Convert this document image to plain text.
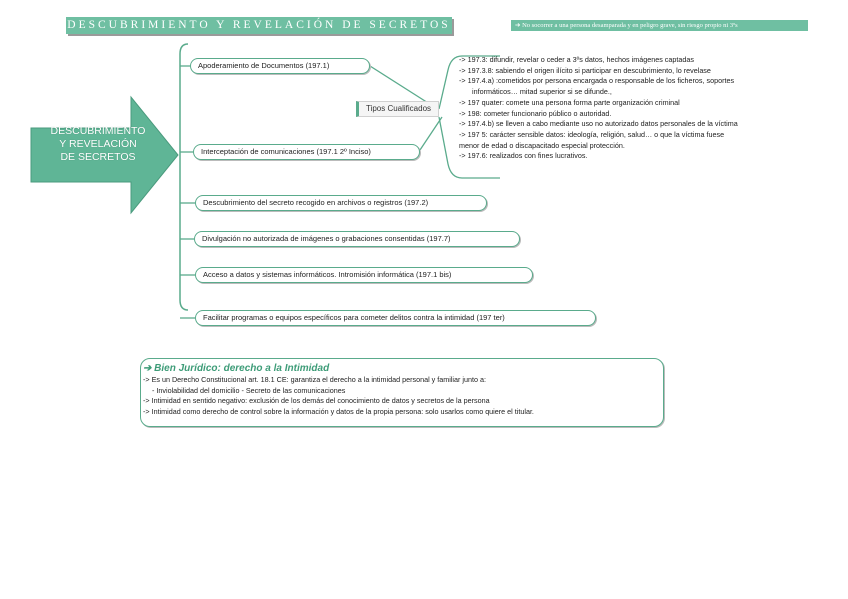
DESCUBRIMIENTO Y REVELACIÓN DE SECRETOS	➔ No socorrer a una persona desamparada y en peligro grave, sin riesgo propio ni 3ºs
DESCUBRIMIENTO
Y REVELACIÓN
DE SECRETOS
Apoderamiento de Documentos (197.1)
Interceptación de comunicaciones (197.1 2º Inciso)
Descubrimiento del secreto recogido en archivos o registros (197.2)
Divulgación no autorizada de imágenes o grabaciones consentidas (197.7)
Acceso a datos y sistemas informáticos. Intromisión informática (197.1 bis)
Facilitar programas o equipos específicos para cometer delitos contra la intimidad (197 ter)
Tipos Cualificados
-> 197.3: difundir, revelar o ceder a 3ºs datos, hechos imágenes captadas
-> 197.3.8: sabiendo el origen ilícito si participar en descubrimiento, lo revelase
-> 197.4.a) :cometidos por persona encargada o responsable de los ficheros, soportes
informáticos… mitad superior si se difunde.,
-> 197 quater: comete una persona forma parte organización criminal
-> 198: cometer funcionario público o autoridad.
-> 197.4.b) se lleven a cabo mediante uso no autorizado datos personales de la víctima
-> 197 5: carácter sensible datos: ideología, religión, salud… o que la víctima fuese
menor de edad o discapacitado especial protección.
-> 197.6: realizados con fines lucrativos.
➔ Bien Jurídico: derecho a la Intimidad
-> Es un Derecho Constitucional art. 18.1 CE: garantiza el derecho a la intimidad personal y familiar junto a:
- Inviolabilidad del domicilio - Secreto de las comunicaciones
-> Intimidad en sentido negativo: exclusión de los demás del conocimiento de datos y secretos de la persona
-> Intimidad como derecho de control sobre la información y datos de la propia persona: solo usarlos como quiere el titular.
